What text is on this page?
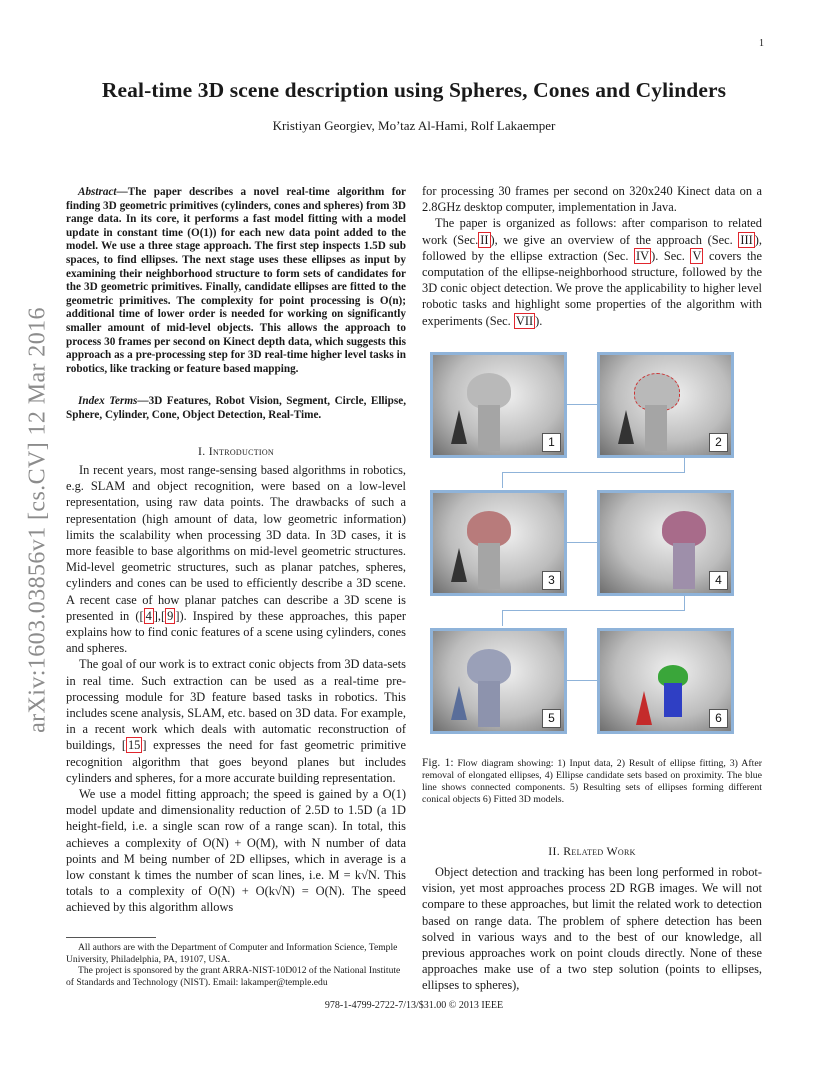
1
Real-time 3D scene description using Spheres, Cones and Cylinders
Kristiyan Georgiev, Mo’taz Al-Hami, Rolf Lakaemper
arXiv:1603.03856v1 [cs.CV] 12 Mar 2016
Abstract—The paper describes a novel real-time algorithm for finding 3D geometric primitives (cylinders, cones and spheres) from 3D range data. In its core, it performs a fast model fitting with a model update in constant time (O(1)) for each new data point added to the model. We use a three stage approach. The first step inspects 1.5D sub spaces, to find ellipses. The next stage uses these ellipses as input by examining their neighborhood structure to form sets of candidates for the 3D geometric primitives. Finally, candidate ellipses are fitted to the geometric primitives. The complexity for point processing is O(n); additional time of lower order is needed for working on significantly smaller amount of mid-level objects. This allows the approach to process 30 frames per second on Kinect depth data, which suggests this approach as a pre-processing step for 3D real-time higher level tasks in robotics, like tracking or feature based mapping.
Index Terms—3D Features, Robot Vision, Segment, Circle, Ellipse, Sphere, Cylinder, Cone, Object Detection, Real-Time.
I. Introduction

In recent years, most range-sensing based algorithms in robotics, e.g. SLAM and object recognition, were based on a low-level representation, using raw data points. The drawbacks of such a representation (high amount of data, low geometric information) limits the scalability when processing 3D data. In 3D cases, it is more feasible to base algorithms on mid-level geometric structures. Mid-level geometric structures, such as planar patches, spheres, cylinders and cones can be used to efficiently describe a 3D scene. A recent case of how planar patches can describe a 3D scene is presented in ([ 4 ],[ 9 ]). Inspired by these approaches, this paper explains how to find conic features of a scene using cylinders, cones and spheres.

The goal of our work is to extract conic objects from 3D data-sets in real time. Such extraction can be used as a real-time pre-processing module for 3D feature based tasks in robotics. This includes scene analysis, SLAM, etc. based on 3D data. For example, in a recent work which deals with automatic reconstruction of buildings, [ 15 ] expresses the need for fast geometric primitive recognition algorithm that goes beyond planes but includes cylinders and spheres, for a more accurate building representation.

We use a model fitting approach; the speed is gained by a O(1) model update and dimensionality reduction of 2.5D to 1.5D (a 1D height-field, i.e. a single scan row of a range scan). In total, this achieves a complexity of O(N) + O(M), with N number of data points and M being number of 2D ellipses, which in average is a low constant k times the number of scan lines, i.e. M = k√N. This totals to a complexity of O(N) + O(k√N) = O(N). The speed achieved by this algorithm allows

All authors are with the Department of Computer and Information Science, Temple University, Philadelphia, PA, 19107, USA.

The project is sponsored by the grant ARRA-NIST-10D012 of the National Institute of Standards and Technology (NIST). Email: lakamper@temple.edu

for processing 30 frames per second on 320x240 Kinect data on a 2.8GHz desktop computer, implementation in Java.

The paper is organized as follows: after comparison to related work (Sec. II ), we give an overview of the approach (Sec. III ), followed by the ellipse extraction (Sec. IV ). Sec. V covers the computation of the ellipse-neighborhood structure, followed by the 3D conic object detection. We prove the applicability to higher level robotic tasks and highlight some properties of the algorithm with experiments (Sec. VII ).

1	2
3	4
5	6
Fig. 1: Flow diagram showing: 1) Input data, 2) Result of ellipse fitting, 3) After removal of elongated ellipses, 4) Ellipse candidate sets based on proximity. The blue line shows connected components. 5) Resulting sets of ellipses forming different conical objects 6) Fitted 3D models.
II. Related Work

Object detection and tracking has been long performed in robot-vision, yet most approaches process 2D RGB images. We will not compare to these approaches, but limit the related work to detection based on range data. The problem of sphere detection has been solved in various ways and to the best of our knowledge, all previous approaches work on point clouds directly. None of these approaches make use of a two step solution (points to ellipses, ellipses to spheres),

978-1-4799-2722-7/13/$31.00 © 2013 IEEE
